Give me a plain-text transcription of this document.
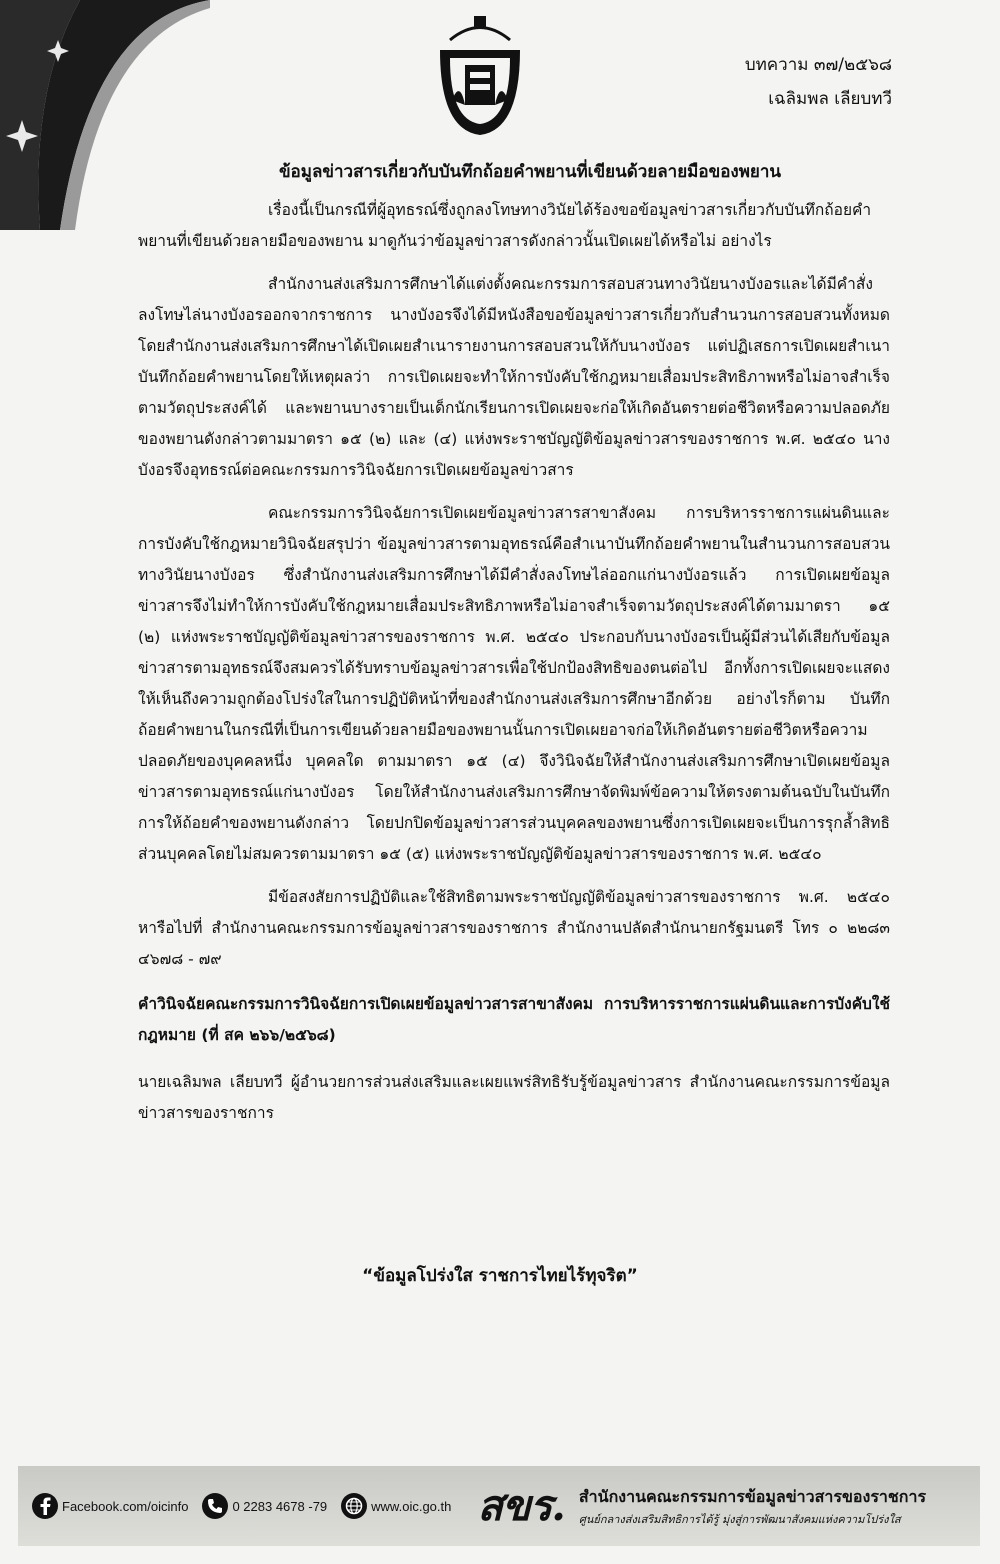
บทความ ๓๗/๒๕๖๘
เฉลิมพล เลียบทวี
ข้อมูลข่าวสารเกี่ยวกับบันทึกถ้อยคำพยานที่เขียนด้วยลายมือของพยาน

เรื่องนี้เป็นกรณีที่ผู้อุทธรณ์ซึ่งถูกลงโทษทางวินัยได้ร้องขอข้อมูลข่าวสารเกี่ยวกับบันทึกถ้อยคำพยานที่เขียนด้วยลายมือของพยาน มาดูกันว่าข้อมูลข่าวสารดังกล่าวนั้นเปิดเผยได้หรือไม่ อย่างไร

สำนักงานส่งเสริมการศึกษาได้แต่งตั้งคณะกรรมการสอบสวนทางวินัยนางบังอรและได้มีคำสั่งลงโทษไล่นางบังอรออกจากราชการ นางบังอรจึงได้มีหนังสือขอข้อมูลข่าวสารเกี่ยวกับสำนวนการสอบสวนทั้งหมด โดยสำนักงานส่งเสริมการศึกษาได้เปิดเผยสำเนารายงานการสอบสวนให้กับนางบังอร แต่ปฏิเสธการเปิดเผยสำเนาบันทึกถ้อยคำพยานโดยให้เหตุผลว่า การเปิดเผยจะทำให้การบังคับใช้กฎหมายเสื่อมประสิทธิภาพหรือไม่อาจสำเร็จตามวัตถุประสงค์ได้ และพยานบางรายเป็นเด็กนักเรียนการเปิดเผยจะก่อให้เกิดอันตรายต่อชีวิตหรือความปลอดภัยของพยานดังกล่าวตามมาตรา ๑๕ (๒) และ (๔) แห่งพระราชบัญญัติข้อมูลข่าวสารของราชการ พ.ศ. ๒๕๔๐ นางบังอรจึงอุทธรณ์ต่อคณะกรรมการวินิจฉัยการเปิดเผยข้อมูลข่าวสาร

คณะกรรมการวินิจฉัยการเปิดเผยข้อมูลข่าวสารสาขาสังคม การบริหารราชการแผ่นดินและการบังคับใช้กฎหมายวินิจฉัยสรุปว่า ข้อมูลข่าวสารตามอุทธรณ์คือสำเนาบันทึกถ้อยคำพยานในสำนวนการสอบสวนทางวินัยนางบังอร ซึ่งสำนักงานส่งเสริมการศึกษาได้มีคำสั่งลงโทษไล่ออกแก่นางบังอรแล้ว การเปิดเผยข้อมูลข่าวสารจึงไม่ทำให้การบังคับใช้กฎหมายเสื่อมประสิทธิภาพหรือไม่อาจสำเร็จตามวัตถุประสงค์ได้ตามมาตรา ๑๕ (๒) แห่งพระราชบัญญัติข้อมูลข่าวสารของราชการ พ.ศ. ๒๕๔๐ ประกอบกับนางบังอรเป็นผู้มีส่วนได้เสียกับข้อมูลข่าวสารตามอุทธรณ์จึงสมควรได้รับทราบข้อมูลข่าวสารเพื่อใช้ปกป้องสิทธิของตนต่อไป อีกทั้งการเปิดเผยจะแสดงให้เห็นถึงความถูกต้องโปร่งใสในการปฏิบัติหน้าที่ของสำนักงานส่งเสริมการศึกษาอีกด้วย อย่างไรก็ตาม บันทึกถ้อยคำพยานในกรณีที่เป็นการเขียนด้วยลายมือของพยานนั้นการเปิดเผยอาจก่อให้เกิดอันตรายต่อชีวิตหรือความปลอดภัยของบุคคลหนึ่ง บุคคลใด ตามมาตรา ๑๕ (๔) จึงวินิจฉัยให้สำนักงานส่งเสริมการศึกษาเปิดเผยข้อมูลข่าวสารตามอุทธรณ์แก่นางบังอร โดยให้สำนักงานส่งเสริมการศึกษาจัดพิมพ์ข้อความให้ตรงตามต้นฉบับในบันทึกการให้ถ้อยคำของพยานดังกล่าว โดยปกปิดข้อมูลข่าวสารส่วนบุคคลของพยานซึ่งการเปิดเผยจะเป็นการรุกล้ำสิทธิส่วนบุคคลโดยไม่สมควรตามมาตรา ๑๕ (๕) แห่งพระราชบัญญัติข้อมูลข่าวสารของราชการ พ.ศ. ๒๕๔๐

มีข้อสงสัยการปฏิบัติและใช้สิทธิตามพระราชบัญญัติข้อมูลข่าวสารของราชการ พ.ศ. ๒๕๔๐ หารือไปที่ สำนักงานคณะกรรมการข้อมูลข่าวสารของราชการ สำนักงานปลัดสำนักนายกรัฐมนตรี โทร ๐ ๒๒๘๓ ๔๖๗๘ - ๗๙

คำวินิจฉัยคณะกรรมการวินิจฉัยการเปิดเผยข้อมูลข่าวสารสาขาสังคม การบริหารราชการแผ่นดินและการบังคับใช้กฎหมาย (ที่ สค ๒๖๖/๒๕๖๘)

นายเฉลิมพล เลียบทวี ผู้อำนวยการส่วนส่งเสริมและเผยแพร่สิทธิรับรู้ข้อมูลข่าวสาร สำนักงานคณะกรรมการข้อมูลข่าวสารของราชการ

“ข้อมูลโปร่งใส ราชการไทยไร้ทุจริต”
Facebook.com/oicinfo	0 2283 4678 -79	www.oic.go.th สขร. สำนักงานคณะกรรมการข้อมูลข่าวสารของราชการ
ศูนย์กลางส่งเสริมสิทธิการได้รู้ มุ่งสู่การพัฒนาสังคมแห่งความโปร่งใส
